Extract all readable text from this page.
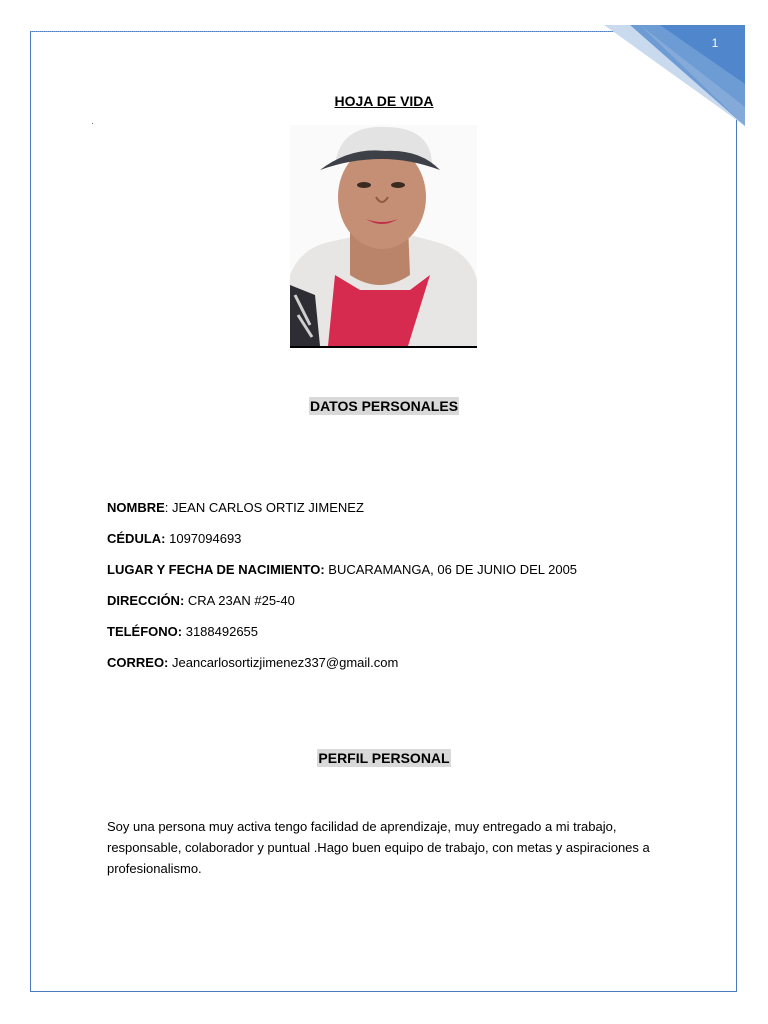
1
HOJA DE VIDA
DATOS PERSONALES
NOMBRE: JEAN CARLOS ORTIZ JIMENEZ
CÉDULA: 1097094693
LUGAR Y FECHA DE NACIMIENTO: BUCARAMANGA, 06 DE JUNIO DEL 2005
DIRECCIÓN: CRA 23AN #25-40
TELÉFONO: 3188492655
CORREO: Jeancarlosortizjimenez337@gmail.com
PERFIL PERSONAL
Soy una persona muy activa tengo facilidad de aprendizaje, muy entregado a mi trabajo, responsable, colaborador y puntual .Hago buen equipo de trabajo, con metas y aspiraciones a profesionalismo.
